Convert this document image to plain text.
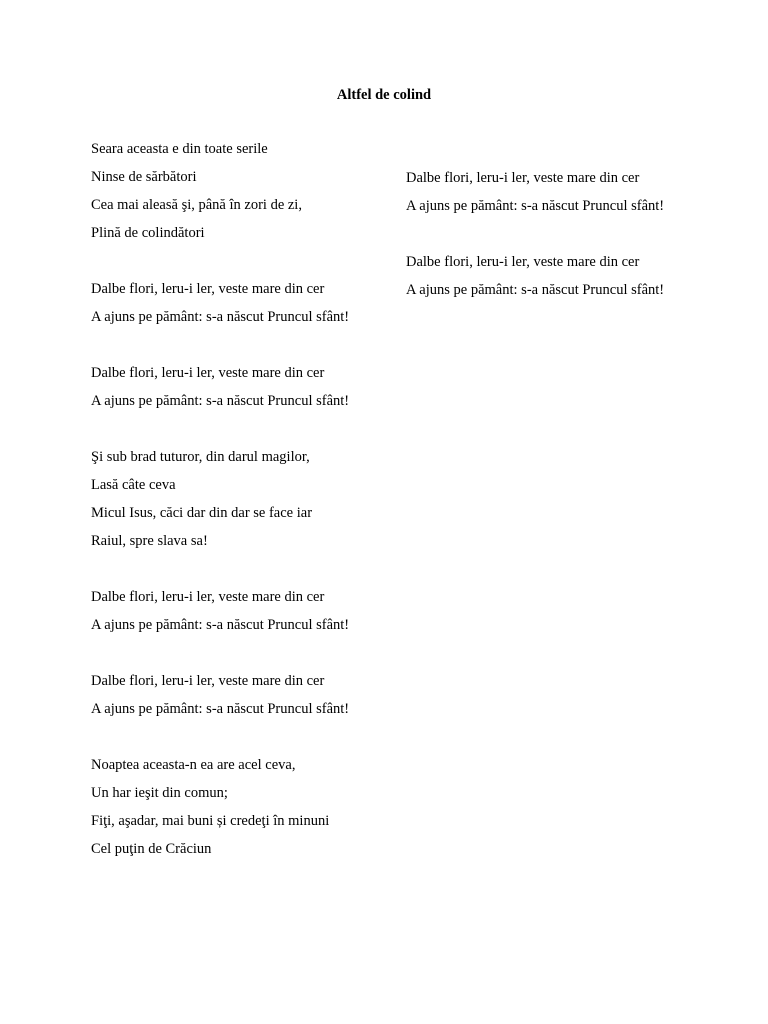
Altfel de colind
Seara aceasta e din toate serile
Ninse de sărbători
Cea mai aleasă şi, până în zori de zi,
Plină de colindători
Dalbe flori, leru-i ler, veste mare din cer
A ajuns pe pământ: s-a născut Pruncul sfânt!
Dalbe flori, leru-i ler, veste mare din cer
A ajuns pe pământ: s-a născut Pruncul sfânt!
Şi sub brad tuturor, din darul magilor,
Lasă câte ceva
Micul Isus, căci dar din dar se face iar
Raiul, spre slava sa!
Dalbe flori, leru-i ler, veste mare din cer
A ajuns pe pământ: s-a născut Pruncul sfânt!
Dalbe flori, leru-i ler, veste mare din cer
A ajuns pe pământ: s-a născut Pruncul sfânt!
Noaptea aceasta-n ea are acel ceva,
Un har ieşit din comun;
Fiţi, aşadar, mai buni și credeţi în minuni
Cel puţin de Crăciun
Dalbe flori, leru-i ler, veste mare din cer
A ajuns pe pământ: s-a născut Pruncul sfânt!
Dalbe flori, leru-i ler, veste mare din cer
A ajuns pe pământ: s-a născut Pruncul sfânt!
